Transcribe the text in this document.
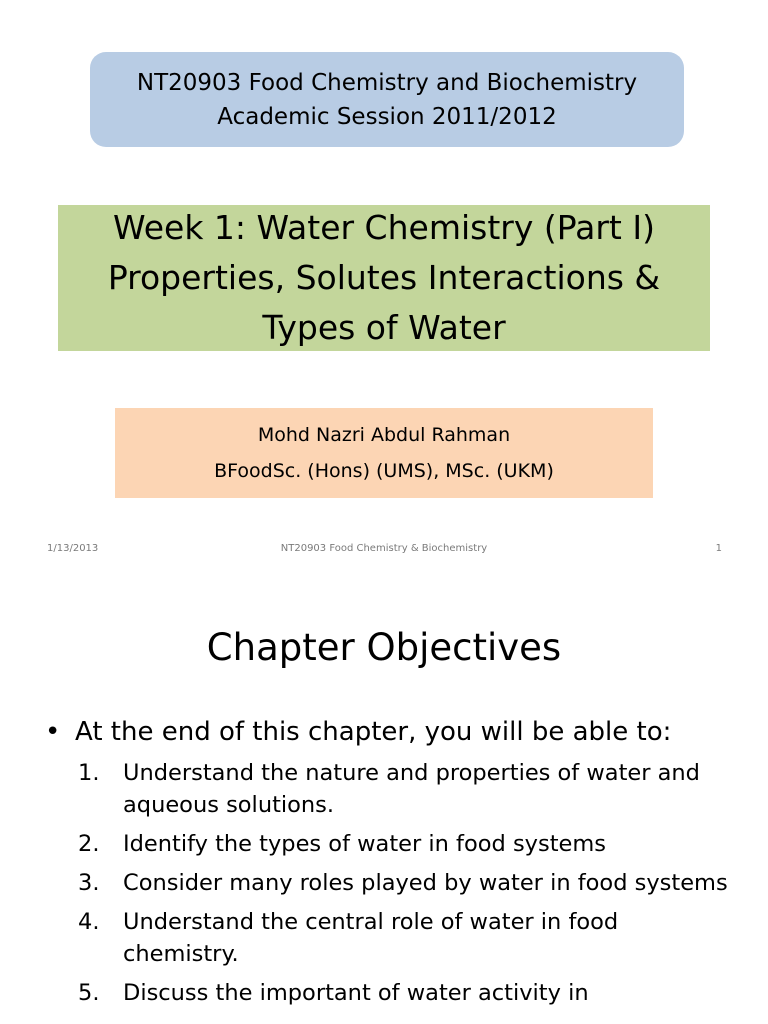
NT20903 Food Chemistry and Biochemistry
Academic Session 2011/2012
Week 1: Water Chemistry (Part I)
Properties, Solutes Interactions &
Types of Water
Mohd Nazri Abdul Rahman
BFoodSc. (Hons) (UMS), MSc. (UKM)
NT20903 Food Chemistry & Biochemistry
1/13/2013	1
Chapter Objectives
• At the end of this chapter, you will be able to:
1.	Understand the nature and properties of water and aqueous solutions.
2.	Identify the types of water in food systems
3.	Consider many roles played by water in food systems
4.	Understand the central role of water in food chemistry.
5.	Discuss the important of water activity in
